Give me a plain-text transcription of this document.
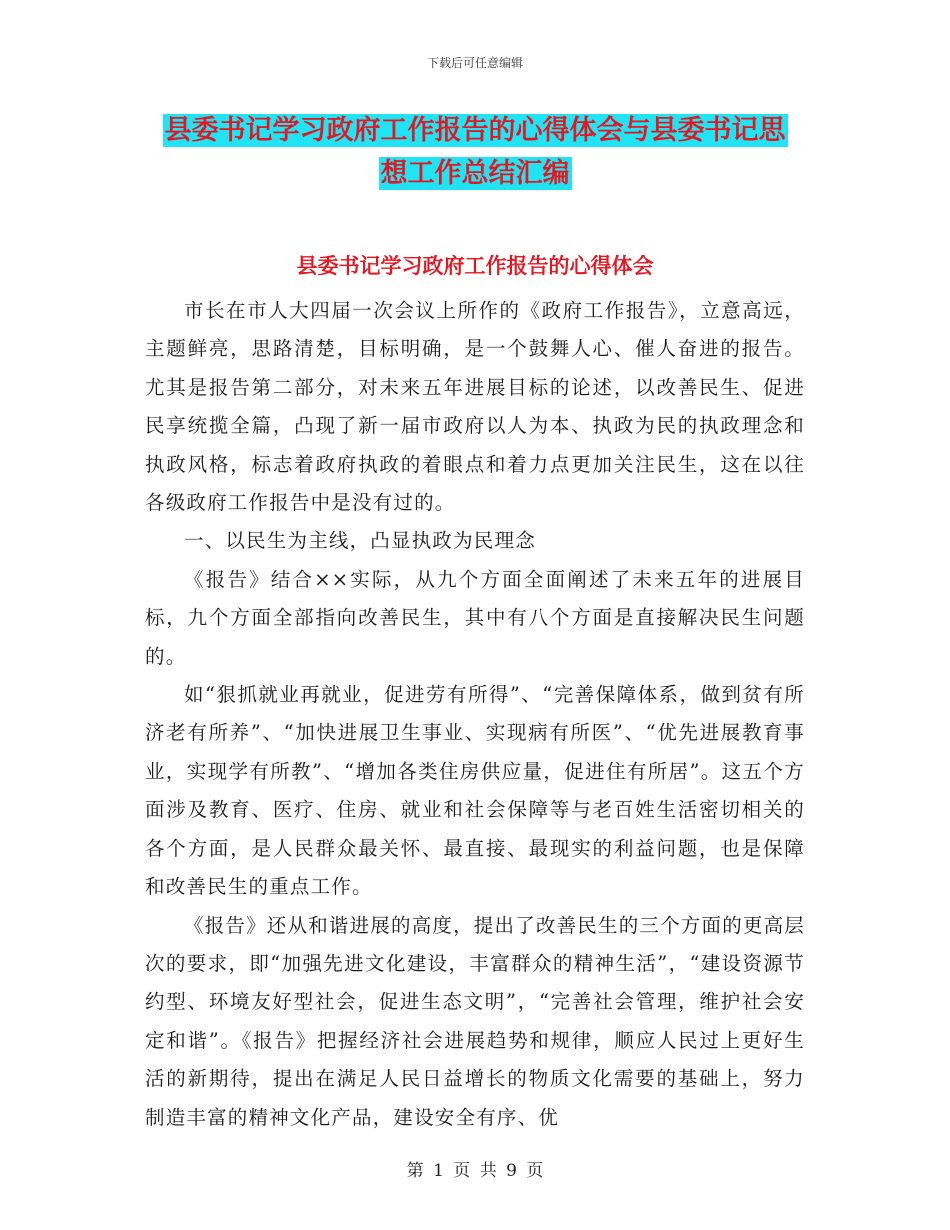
下载后可任意编辑
县委书记学习政府工作报告的心得体会与县委书记思
想工作总结汇编
县委书记学习政府工作报告的心得体会

市长在市人大四届一次会议上所作的《政府工作报告》，立意高远，主题鲜亮，思路清楚，目标明确，是一个鼓舞人心、催人奋进的报告。尤其是报告第二部分，对未来五年进展目标的论述，以改善民生、促进民享统揽全篇，凸现了新一届市政府以人为本、执政为民的执政理念和执政风格，标志着政府执政的着眼点和着力点更加关注民生，这在以往各级政府工作报告中是没有过的。

一、以民生为主线，凸显执政为民理念

《报告》结合××实际，从九个方面全面阐述了未来五年的进展目标，九个方面全部指向改善民生，其中有八个方面是直接解决民生问题的。

如“狠抓就业再就业，促进劳有所得”、“完善保障体系，做到贫有所济老有所养”、“加快进展卫生事业、实现病有所医”、“优先进展教育事业，实现学有所教”、“增加各类住房供应量，促进住有所居”。这五个方面涉及教育、医疗、住房、就业和社会保障等与老百姓生活密切相关的各个方面，是人民群众最关怀、最直接、最现实的利益问题，也是保障和改善民生的重点工作。

《报告》还从和谐进展的高度，提出了改善民生的三个方面的更高层次的要求，即“加强先进文化建设，丰富群众的精神生活”，“建设资源节约型、环境友好型社会，促进生态文明”，“完善社会管理，维护社会安定和谐”。《报告》把握经济社会进展趋势和规律，顺应人民过上更好生活的新期待，提出在满足人民日益增长的物质文化需要的基础上，努力制造丰富的精神文化产品，建设安全有序、优

第 1 页 共 9 页
